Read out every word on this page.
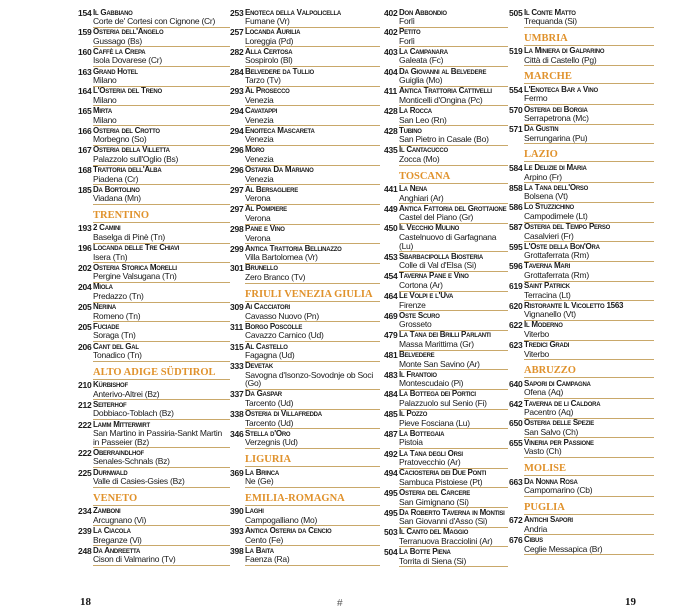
154 Il Gabbiano
Corte de' Cortesi con Cignone (Cr)
159 Osteria dell'Angelo
Gussago (Bs)
160 Caffè la Crepa
Isola Dovarese (Cr)
163 Grand Hotel
Milano
164 L'Osteria del Treno
Milano
165 Mirta
Milano
166 Osteria del Crotto
Morbegno (So)
167 Osteria della Villetta
Palazzolo sull'Oglio (Bs)
168 Trattoria dell'Alba
Piadena (Cr)
185 Da Bortolino
Viadana (Mn)
TRENTINO
193 2 Camini
Baselga di Pinè (Tn)
196 Locanda delle Tre Chiavi
Isera (Tn)
202 Osteria Storica Morelli
Pergine Valsugana (Tn)
204 Miola
Predazzo (Tn)
205 Nerina
Romeno (Tn)
205 Fuciade
Soraga (Tn)
206 Cant del Gal
Tonadico (Tn)
ALTO ADIGE SÜDTIROL
210 Kürbishof
Anterivo-Altrei (Bz)
212 Seiterhof
Dobbiaco-Toblach (Bz)
222 Lamm Mitterwirt
San Martino in Passiria-Sankt Martin in Passeier (Bz)
222 Oberraindlhof
Senales-Schnals (Bz)
225 Durnwald
Valle di Casies-Gsies (Bz)
VENETO
234 Zamboni
Arcugnano (Vi)
239 La Ciacola
Breganze (Vi)
248 Da Andreetta
Cison di Valmarino (Tv)
253 Enoteca della Valpolicella
Fumane (Vr)
257 Locanda Aurilia
Loreggia (Pd)
282 Alla Certosa
Sospirolo (Bl)
284 Belvedere da Tullio
Tarzo (Tv)
293 Al Prosecco
Venezia
294 Cavatappi
Venezia
294 Enoiteca Mascareta
Venezia
296 Moro
Venezia
296 Ostaria Da Mariano
Venezia
297 Al Bersagliere
Verona
297 Al Pompiere
Verona
298 Pane e Vino
Verona
299 Antica Trattoria Bellinazzo
Villa Bartolomea (Vr)
301 Brunello
Zero Branco (Tv)
FRIULI VENEZIA GIULIA
309 Ai Cacciatori
Cavasso Nuovo (Pn)
311 Borgo Poscolle
Cavazzo Carnico (Ud)
315 Al Castello
Fagagna (Ud)
333 Devetak
Savogna d'Isonzo-Sovodnje ob Soci (Go)
337 Da Gaspar
Tarcento (Ud)
338 Osteria di Villafredda
Tarcento (Ud)
346 Stella d'Oro
Verzegnis (Ud)
LIGURIA
369 La Brinca
Ne (Ge)
EMILIA-ROMAGNA
390 Laghi
Campogalliano (Mo)
393 Antica Osteria da Cencio
Cento (Fe)
398 La Baita
Faenza (Ra)
402 Don Abbondio
Forlì
402 Petito
Forlì
403 La Campanara
Galeata (Fc)
404 Da Giovanni al Belvedere
Guiglia (Mo)
411 Antica Trattoria Cattivelli
Monticelli d'Ongina (Pc)
428 La Rocca
San Leo (Rn)
428 Tubino
San Pietro in Casale (Bo)
435 Il Cantacucco
Zocca (Mo)
TOSCANA
441 La Nena
Anghiari (Ar)
449 Antica Fattoria del Grottaione
Castel del Piano (Gr)
450 Il Vecchio Mulino
Castelnuovo di Garfagnana (Lu)
453 Sbarbacipolla Biosteria
Colle di Val d'Elsa (Si)
454 Taverna Pane e Vino
Cortona (Ar)
464 Le Volpi e l'Uva
Firenze
469 Oste Scuro
Grosseto
479 La Tana dei Brilli Parlanti
Massa Marittima (Gr)
481 Belvedere
Monte San Savino (Ar)
483 Il Frantoio
Montescudaio (Pi)
484 La Bottega dei Portici
Palazzuolo sul Senio (Fi)
485 Il Pozzo
Pieve Fosciana (Lu)
487 La Bottegaia
Pistoia
492 La Tana degli Orsi
Pratovecchio (Ar)
494 Caciosteria dei Due Ponti
Sambuca Pistoiese (Pt)
495 Osteria del Carcere
San Gimignano (Si)
495 Da Roberto Taverna in Montisi
San Giovanni d'Asso (Si)
503 Il Canto del Maggio
Terranuova Bracciolini (Ar)
504 La Botte Piena
Torrita di Siena (Si)
505 Il Conte Matto
Trequanda (Si)
UMBRIA
519 La Miniera di Galparino
Città di Castello (Pg)
MARCHE
554 L'Enoteca Bar a Vino
Fermo
570 Osteria dei Borgia
Serrapetrona (Mc)
571 Da Gustin
Serrungarina (Pu)
LAZIO
584 Le Delizie di Maria
Arpino (Fr)
858 La Tana dell'Orso
Bolsena (Vt)
586 Lo Stuzzichino
Campodimele (Lt)
587 Osteria del Tempo Perso
Casalvieri (Fr)
595 L'Oste della Bon'Ora
Grottaferrata (Rm)
596 Taverna Mari
Grottaferrata (Rm)
619 Saint Patrick
Terracina (Lt)
620 Ristorante Il Vicoletto 1563
Vignanello (Vt)
622 Il Moderno
Viterbo
623 Tredici Gradi
Viterbo
ABRUZZO
640 Sapori di Campagna
Ofena (Aq)
642 Taverna de li Caldora
Pacentro (Aq)
650 Osteria delle Spezie
San Salvo (Ch)
655 Vineria per Passione
Vasto (Ch)
MOLISE
663 Da Nonna Rosa
Campomarino (Cb)
PUGLIA
672 Antichi Sapori
Andria
676 Cibus
Ceglie Messapica (Br)
18	19
#
